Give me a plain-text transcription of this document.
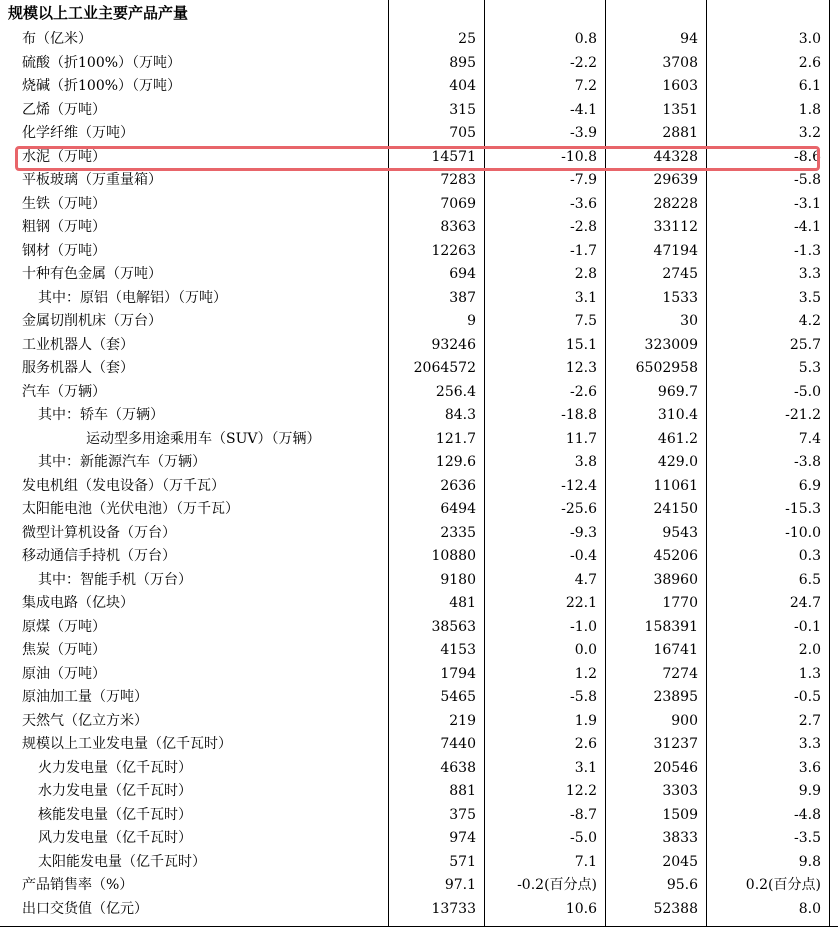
规模以上工业主要产品产量
布（亿米）	25	0.8	94	3.0
硫酸（折100%）（万吨）	895	-2.2	3708	2.6
烧碱（折100%）（万吨）	404	7.2	1603	6.1
乙烯（万吨）	315	-4.1	1351	1.8
化学纤维（万吨）	705	-3.9	2881	3.2
水泥（万吨）	14571	-10.8	44328	-8.6
平板玻璃（万重量箱）	7283	-7.9	29639	-5.8
生铁（万吨）	7069	-3.6	28228	-3.1
粗钢（万吨）	8363	-2.8	33112	-4.1
钢材（万吨）	12263	-1.7	47194	-1.3
十种有色金属（万吨）	694	2.8	2745	3.3
其中：原铝（电解铝）（万吨）	387	3.1	1533	3.5
金属切削机床（万台）	9	7.5	30	4.2
工业机器人（套）	93246	15.1	323009	25.7
服务机器人（套）	2064572	12.3	6502958	5.3
汽车（万辆）	256.4	-2.6	969.7	-5.0
其中：轿车（万辆）	84.3	-18.8	310.4	-21.2
运动型多用途乘用车（SUV）（万辆）	121.7	11.7	461.2	7.4
其中：新能源汽车（万辆）	129.6	3.8	429.0	-3.8
发电机组（发电设备）（万千瓦）	2636	-12.4	11061	6.9
太阳能电池（光伏电池）（万千瓦）	6494	-25.6	24150	-15.3
微型计算机设备（万台）	2335	-9.3	9543	-10.0
移动通信手持机（万台）	10880	-0.4	45206	0.3
其中：智能手机（万台）	9180	4.7	38960	6.5
集成电路（亿块）	481	22.1	1770	24.7
原煤（万吨）	38563	-1.0	158391	-0.1
焦炭（万吨）	4153	0.0	16741	2.0
原油（万吨）	1794	1.2	7274	1.3
原油加工量（万吨）	5465	-5.8	23895	-0.5
天然气（亿立方米）	219	1.9	900	2.7
规模以上工业发电量（亿千瓦时）	7440	2.6	31237	3.3
火力发电量（亿千瓦时）	4638	3.1	20546	3.6
水力发电量（亿千瓦时）	881	12.2	3303	9.9
核能发电量（亿千瓦时）	375	-8.7	1509	-4.8
风力发电量（亿千瓦时）	974	-5.0	3833	-3.5
太阳能发电量（亿千瓦时）	571	7.1	2045	9.8
产品销售率（%）	97.1	-0.2(百分点)	95.6	0.2(百分点)
出口交货值（亿元）	13733	10.6	52388	8.0
